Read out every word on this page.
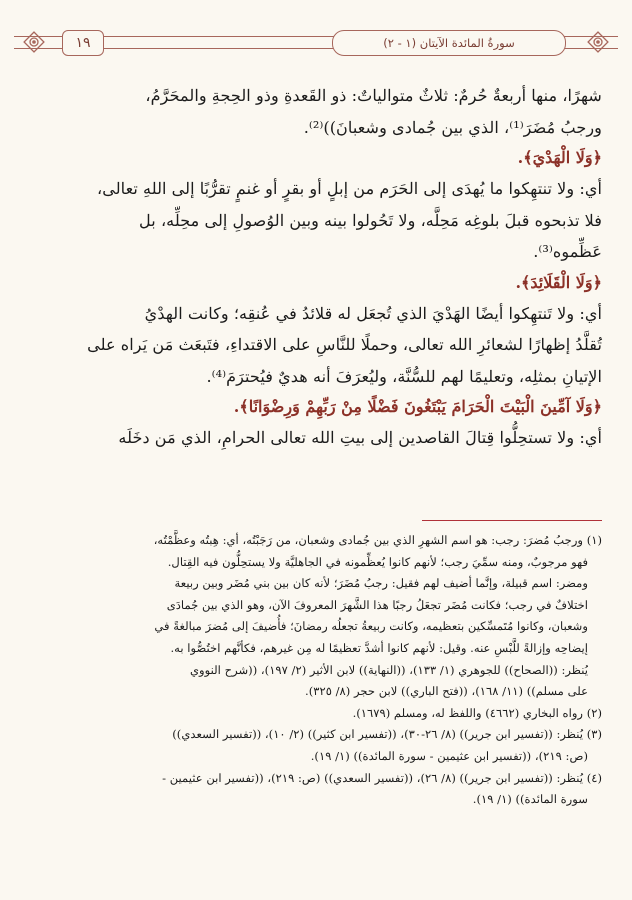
١٩	سورةُ المائدة الآيتان (١ - ٢)

شهرًا، منها أربعةٌ حُرمٌ: ثلاثٌ متوالياتٌ: ذو القَعدةِ وذو الحِجةِ والمحَرَّمُ،

ورجبُ مُضَرَ⁽¹⁾، الذي بين جُمادى وشعبانَ))⁽²⁾.

﴿وَلَا الْهَدْيَ﴾.

أي: ولا تنتهِكوا ما يُهدَى إلى الحَرَم من إبلٍ أو بقرٍ أو غنمٍ تقرُّبًا إلى اللهِ تعالى،

فلا تذبحوه قبلَ بلوغِه مَحِلَّه، ولا تَحُولوا بينه وبين الوُصولِ إلى محِلِّه، بل

عَظِّموه⁽³⁾.

﴿وَلَا الْقَلَائِدَ﴾.

أي: ولا تَنتهِكوا أيضًا الهَدْيَ الذي تُجعَل له قلائدُ في عُنقِه؛ وكانت الهدْيُ

تُقلَّدُ إظهارًا لشعائرِ الله تعالى، وحملًا للنَّاسِ على الاقتداءِ، فتَبعَث مَن يَراه على

الإتيانِ بمثلِه، وتعليمًا لهم للسُّنَّة، وليُعرَفَ أنه هديٌ فيُحترَمَ⁽⁴⁾.

﴿وَلَا آمِّينَ الْبَيْتَ الْحَرَامَ يَبْتَغُونَ فَضْلًا مِنْ رَبِّهِمْ وَرِضْوَانًا﴾.

أي: ولا تستحِلُّوا قِتالَ القاصدين إلى بيتِ الله تعالى الحرامِ، الذي مَن دخَلَه

(١) ورجبُ مُضرَ: رجب: هو اسم الشهرِ الذي بين جُمادى وشعبان، من رَجَبْتُه، أي: هِبتُه وعظَّمْتُه،

فهو مرجوبٌ، ومنه سمِّيَ رجب؛ لأنهم كانوا يُعظِّمونه في الجاهليَّة ولا يستحِلُّون فيه القِتال.

ومضر: اسم قبيلة، وإنَّما أضيف لهم فقيل: رجبُ مُضَرَ؛ لأنه كان بين بني مُضَر وبين ربيعة

اختلافٌ في رجب؛ فكانت مُضَر تجعَلُ رجبًا هذا الشَّهرَ المعروفَ الآن، وهو الذي بين جُمادَى

وشعبان، وكانوا مُتَمسِّكين بتعظيمه، وكانت ربيعةُ تجعلُه رمضانَ؛ فأُضيفَ إلى مُضرَ مبالغةً في

إيضاحِه وإزالةً للَّبْسِ عنه. وقيل: لأنهم كانوا أشدَّ تعظيمًا له مِن غيرهم، فكأنَّهم اختُصُّوا به.

يُنظر: ((الصحاح)) للجوهري (١/ ١٣٣)، ((النهاية)) لابن الأثير (٢/ ١٩٧)، ((شرح النووي

على مسلم)) (١١/ ١٦٨)، ((فتح الباري)) لابن حجر (٨/ ٣٢٥).

(٢) رواه البخاري (٤٦٦٢) واللفظ له، ومسلم (١٦٧٩).

(٣) يُنظر: ((تفسير ابن جرير)) (٨/ ٢٦-٣٠)، ((تفسير ابن كثير)) (٢/ ١٠)، ((تفسير السعدي))

(ص: ٢١٩)، ((تفسير ابن عثيمين - سورة المائدة)) (١/ ١٩).

(٤) يُنظر: ((تفسير ابن جرير)) (٨/ ٢٦)، ((تفسير السعدي)) (ص: ٢١٩)، ((تفسير ابن عثيمين -

سورة المائدة)) (١/ ١٩).
